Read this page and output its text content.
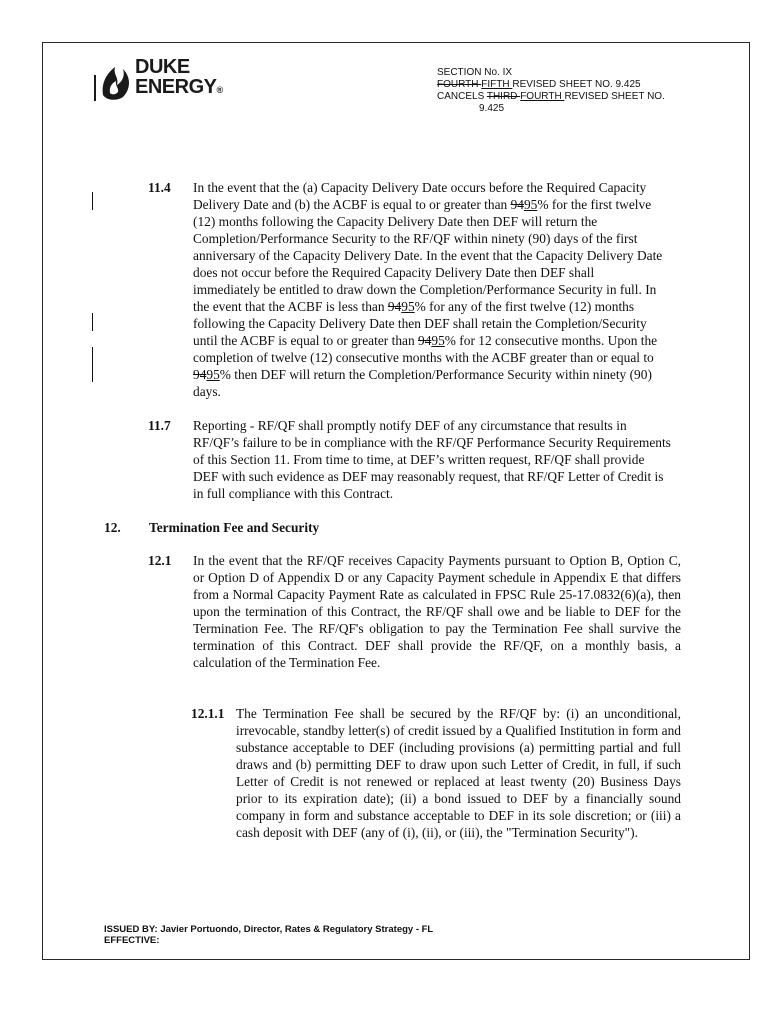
DUKE
ENERGY®
SECTION No. IX
FOURTH FIFTH REVISED SHEET NO. 9.425
CANCELS THIRD FOURTH REVISED SHEET NO.
9.425
11.4 In the event that the (a) Capacity Delivery Date occurs before the Required Capacity Delivery Date and (b) the ACBF is equal to or greater than 9495% for the first twelve (12) months following the Capacity Delivery Date then DEF will return the Completion/Performance Security to the RF/QF within ninety (90) days of the first anniversary of the Capacity Delivery Date. In the event that the Capacity Delivery Date does not occur before the Required Capacity Delivery Date then DEF shall immediately be entitled to draw down the Completion/Performance Security in full. In the event that the ACBF is less than 9495% for any of the first twelve (12) months following the Capacity Delivery Date then DEF shall retain the Completion/Security until the ACBF is equal to or greater than 9495% for 12 consecutive months. Upon the completion of twelve (12) consecutive months with the ACBF greater than or equal to 9495% then DEF will return the Completion/Performance Security within ninety (90) days.
11.7 Reporting - RF/QF shall promptly notify DEF of any circumstance that results in RF/QF’s failure to be in compliance with the RF/QF Performance Security Requirements of this Section 11. From time to time, at DEF’s written request, RF/QF shall provide DEF with such evidence as DEF may reasonably request, that RF/QF Letter of Credit is in full compliance with this Contract.
12. Termination Fee and Security
12.1 In the event that the RF/QF receives Capacity Payments pursuant to Option B, Option C, or Option D of Appendix D or any Capacity Payment schedule in Appendix E that differs from a Normal Capacity Payment Rate as calculated in FPSC Rule 25-17.0832(6)(a), then upon the termination of this Contract, the RF/QF shall owe and be liable to DEF for the Termination Fee. The RF/QF's obligation to pay the Termination Fee shall survive the termination of this Contract. DEF shall provide the RF/QF, on a monthly basis, a calculation of the Termination Fee.
12.1.1 The Termination Fee shall be secured by the RF/QF by: (i) an unconditional, irrevocable, standby letter(s) of credit issued by a Qualified Institution in form and substance acceptable to DEF (including provisions (a) permitting partial and full draws and (b) permitting DEF to draw upon such Letter of Credit, in full, if such Letter of Credit is not renewed or replaced at least twenty (20) Business Days prior to its expiration date); (ii) a bond issued to DEF by a financially sound company in form and substance acceptable to DEF in its sole discretion; or (iii) a cash deposit with DEF (any of (i), (ii), or (iii), the "Termination Security").
ISSUED BY: Javier Portuondo, Director, Rates & Regulatory Strategy - FL
EFFECTIVE:
